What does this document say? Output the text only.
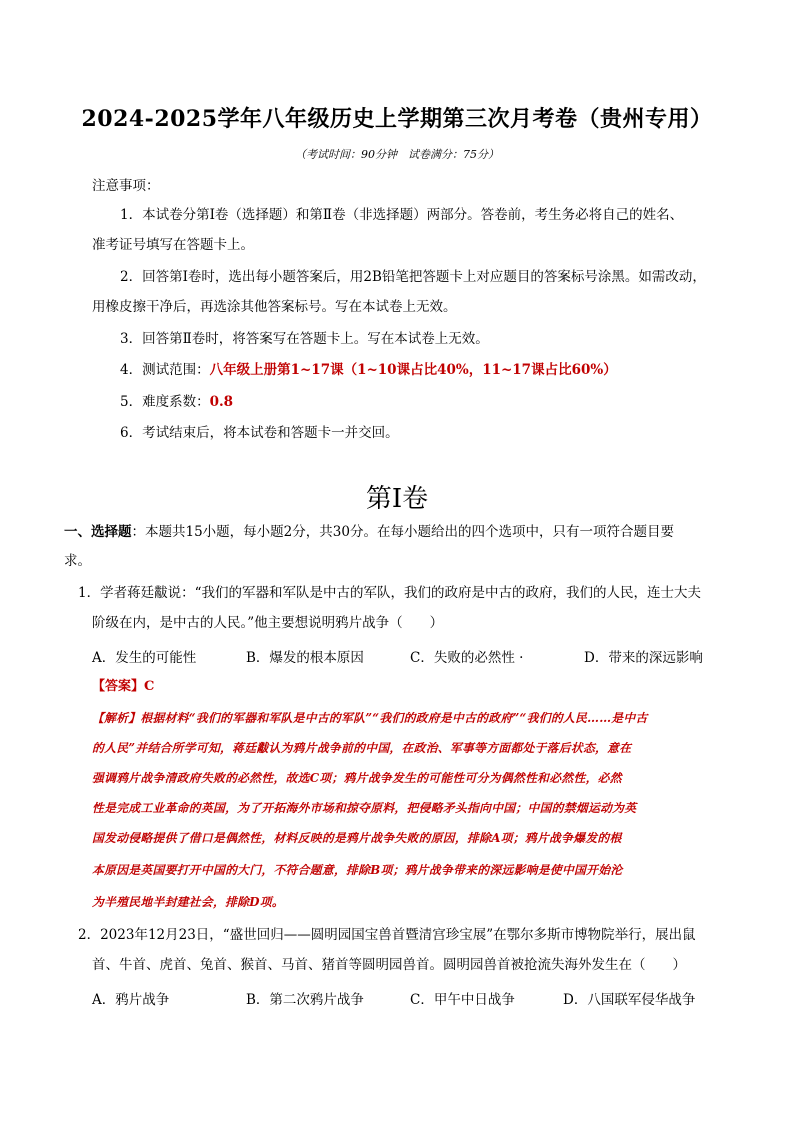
2024-2025学年八年级历史上学期第三次月考卷（贵州专用）
（考试时间：90分钟　试卷满分：75分）
注意事项：
1．本试卷分第Ⅰ卷（选择题）和第Ⅱ卷（非选择题）两部分。答卷前，考生务必将自己的姓名、
准考证号填写在答题卡上。
2．回答第Ⅰ卷时，选出每小题答案后，用2B铅笔把答题卡上对应题目的答案标号涂黑。如需改动，
用橡皮擦干净后，再选涂其他答案标号。写在本试卷上无效。
3．回答第Ⅱ卷时，将答案写在答题卡上。写在本试卷上无效。
4．测试范围：八年级上册第1~17课（1~10课占比40%，11~17课占比60%）
5．难度系数：0.8
6．考试结束后，将本试卷和答题卡一并交回。
第Ⅰ卷
一、选择题：本题共15小题，每小题2分，共30分。在每小题给出的四个选项中，只有一项符合题目要
求。
1．学者蒋廷黻说：“我们的军器和军队是中古的军队，我们的政府是中古的政府，我们的人民，连士大夫
阶级在内，是中古的人民。”他主要想说明鸦片战争（　　）
A．发生的可能性	B．爆发的根本原因	C．失败的必然性 ·	D．带来的深远影响
【答案】C
【解析】根据材料“我们的军器和军队是中古的军队”“我们的政府是中古的政府”“我们的人民……是中古
的人民”并结合所学可知，蒋廷黻认为鸦片战争前的中国，在政治、军事等方面都处于落后状态，意在
强调鸦片战争清政府失败的必然性，故选C项；鸦片战争发生的可能性可分为偶然性和必然性，必然
性是完成工业革命的英国，为了开拓海外市场和掠夺原料，把侵略矛头指向中国；中国的禁烟运动为英
国发动侵略提供了借口是偶然性，材料反映的是鸦片战争失败的原因，排除A项；鸦片战争爆发的根
本原因是英国要打开中国的大门，不符合题意，排除B项；鸦片战争带来的深远影响是使中国开始沦
为半殖民地半封建社会，排除D项。
2．2023年12月23日，“盛世回归——圆明园国宝兽首暨清宫珍宝展”在鄂尔多斯市博物院举行，展出鼠
首、牛首、虎首、兔首、猴首、马首、猪首等圆明园兽首。圆明园兽首被抢流失海外发生在（　　）
A．鸦片战争	B．第二次鸦片战争	C．甲午中日战争	D．八国联军侵华战争
